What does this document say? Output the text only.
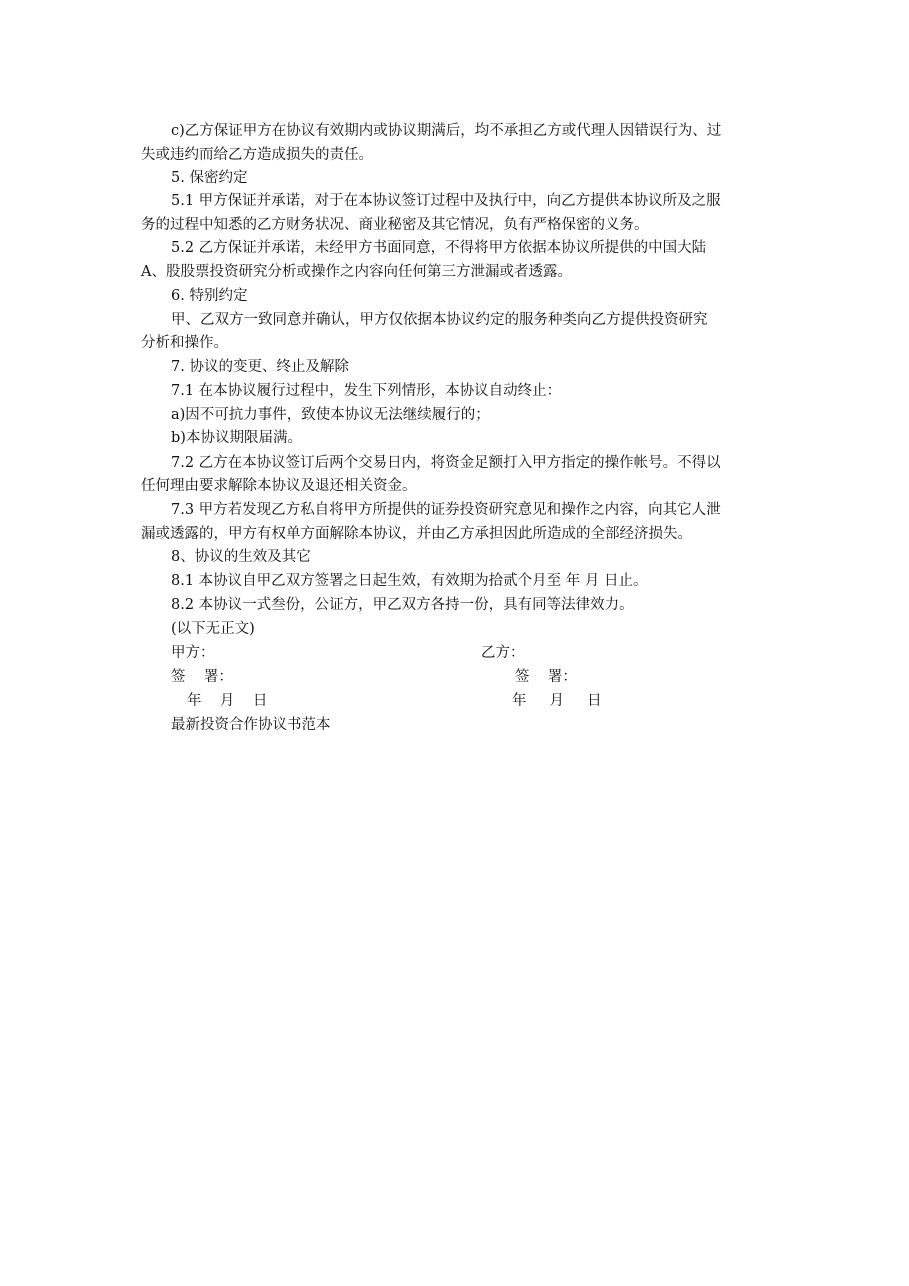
c)乙方保证甲方在协议有效期内或协议期满后，均不承担乙方或代理人因错误行为、过
失或违约而给乙方造成损失的责任。
5. 保密约定
5.1 甲方保证并承诺，对于在本协议签订过程中及执行中，向乙方提供本协议所及之服
务的过程中知悉的乙方财务状况、商业秘密及其它情况，负有严格保密的义务。
5.2 乙方保证并承诺，未经甲方书面同意，不得将甲方依据本协议所提供的中国大陆
A、股股票投资研究分析或操作之内容向任何第三方泄漏或者透露。
6. 特别约定
甲、乙双方一致同意并确认，甲方仅依据本协议约定的服务种类向乙方提供投资研究
分析和操作。
7. 协议的变更、终止及解除
7.1 在本协议履行过程中，发生下列情形，本协议自动终止：
a)因不可抗力事件，致使本协议无法继续履行的；
b)本协议期限届满。
7.2 乙方在本协议签订后两个交易日内，将资金足额打入甲方指定的操作帐号。不得以
任何理由要求解除本协议及退还相关资金。
7.3 甲方若发现乙方私自将甲方所提供的证券投资研究意见和操作之内容，向其它人泄
漏或透露的，甲方有权单方面解除本协议，并由乙方承担因此所造成的全部经济损失。
8、协议的生效及其它
8.1 本协议自甲乙双方签署之日起生效，有效期为拾贰个月至 年 月 日止。
8.2 本协议一式叁份，公证方，甲乙双方各持一份，具有同等法律效力。
(以下无正文)
甲方：	乙方：
签    署：	签    署：
年    月    日	年     月     日
最新投资合作协议书范本
